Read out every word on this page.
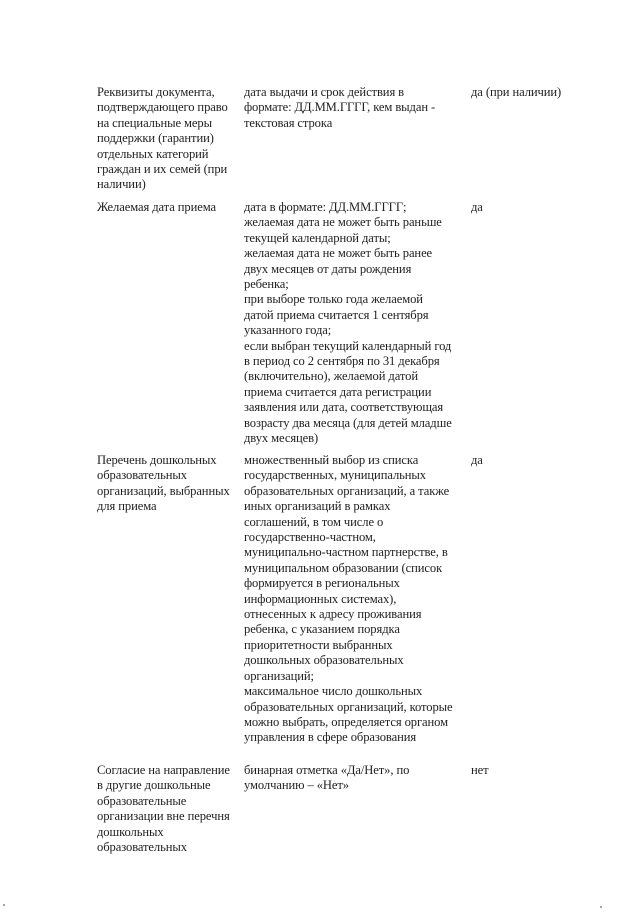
Реквизиты документа,
подтверждающего право
на специальные меры
поддержки (гарантии)
отдельных категорий
граждан и их семей (при
наличии)
дата выдачи и срок действия в
формате: ДД.ММ.ГГГГ, кем выдан -
текстовая строка
да (при наличии)
Желаемая дата приема	дата в формате: ДД.ММ.ГГГГ;
желаемая дата не может быть раньше
текущей календарной даты;
желаемая дата не может быть ранее
двух месяцев от даты рождения
ребенка;
при выборе только года желаемой
датой приема считается 1 сентября
указанного года;
если выбран текущий календарный год
в период со 2 сентября по 31 декабря
(включительно), желаемой датой
приема считается дата регистрации
заявления или дата, соответствующая
возрасту два месяца (для детей младше
двух месяцев)
да
Перечень дошкольных
образовательных
организаций, выбранных
для приема
множественный выбор из списка
государственных, муниципальных
образовательных организаций, а также
иных организаций в рамках
соглашений, в том числе о
государственно-частном,
муниципально-частном партнерстве, в
муниципальном образовании (список
формируется в региональных
информационных системах),
отнесенных к адресу проживания
ребенка, с указанием порядка
приоритетности выбранных
дошкольных образовательных
организаций;
максимальное число дошкольных
образовательных организаций, которые
можно выбрать, определяется органом
управления в сфере образования
да
Согласие на направление
в другие дошкольные
образовательные
организации вне перечня
дошкольных
образовательных
бинарная отметка «Да/Нет», по
умолчанию – «Нет»
нет
